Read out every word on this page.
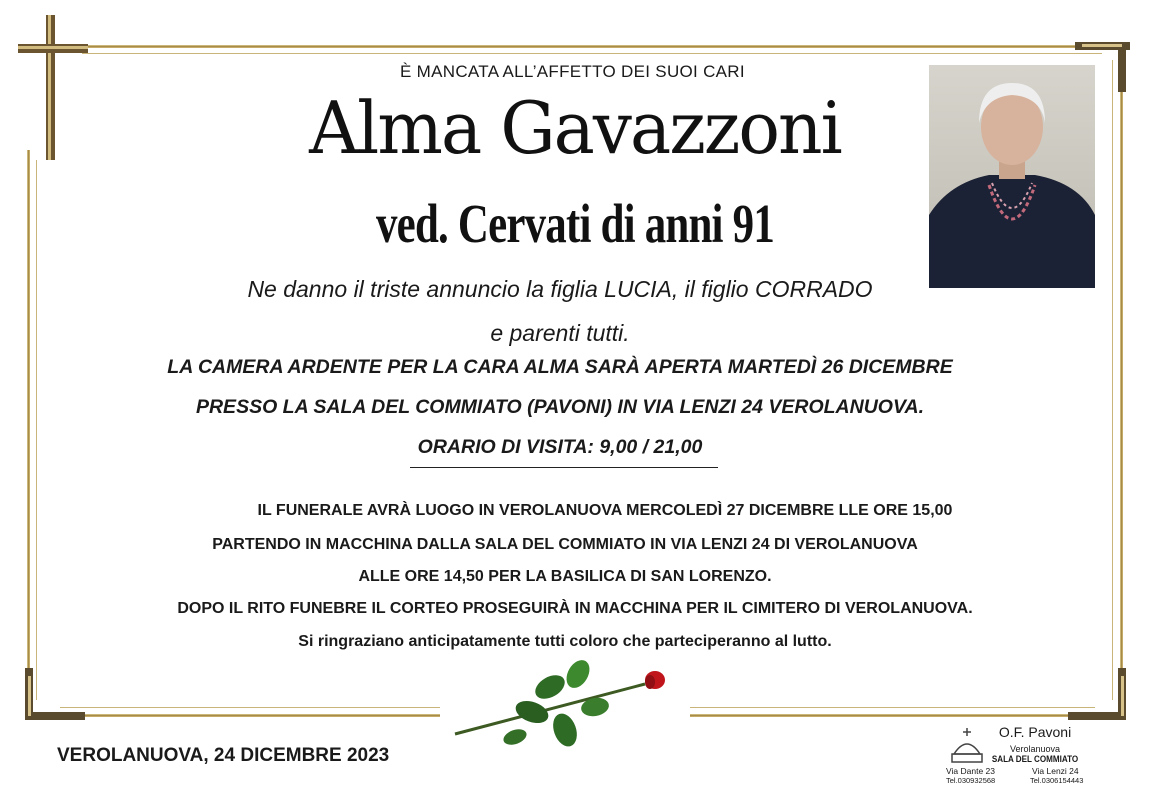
È MANCATA ALL’AFFETTO DEI SUOI CARI
Alma Gavazzoni
ved. Cervati di anni 91
Ne danno il triste annuncio la figlia LUCIA, il figlio CORRADO
e parenti tutti.
LA CAMERA ARDENTE PER LA CARA ALMA SARÀ APERTA MARTEDÌ 26 DICEMBRE
PRESSO LA SALA DEL COMMIATO (PAVONI) IN VIA LENZI 24 VEROLANUOVA.
ORARIO DI VISITA: 9,00 / 21,00
IL FUNERALE AVRÀ LUOGO IN VEROLANUOVA MERCOLEDÌ 27 DICEMBRE LLE ORE 15,00
PARTENDO IN MACCHINA DALLA SALA DEL COMMIATO IN VIA LENZI 24 DI VEROLANUOVA
ALLE ORE 14,50 PER LA BASILICA DI SAN LORENZO.
DOPO IL RITO FUNEBRE IL CORTEO PROSEGUIRÀ IN MACCHINA PER IL CIMITERO DI VEROLANUOVA.
Si ringraziano anticipatamente tutti coloro che parteciperanno al lutto.
VEROLANUOVA, 24 DICEMBRE 2023
O.F. Pavoni
Verolanuova
SALA DEL COMMIATO
Via Dante 23
Tel.030932568
Via Lenzi 24
Tel.0306154443
